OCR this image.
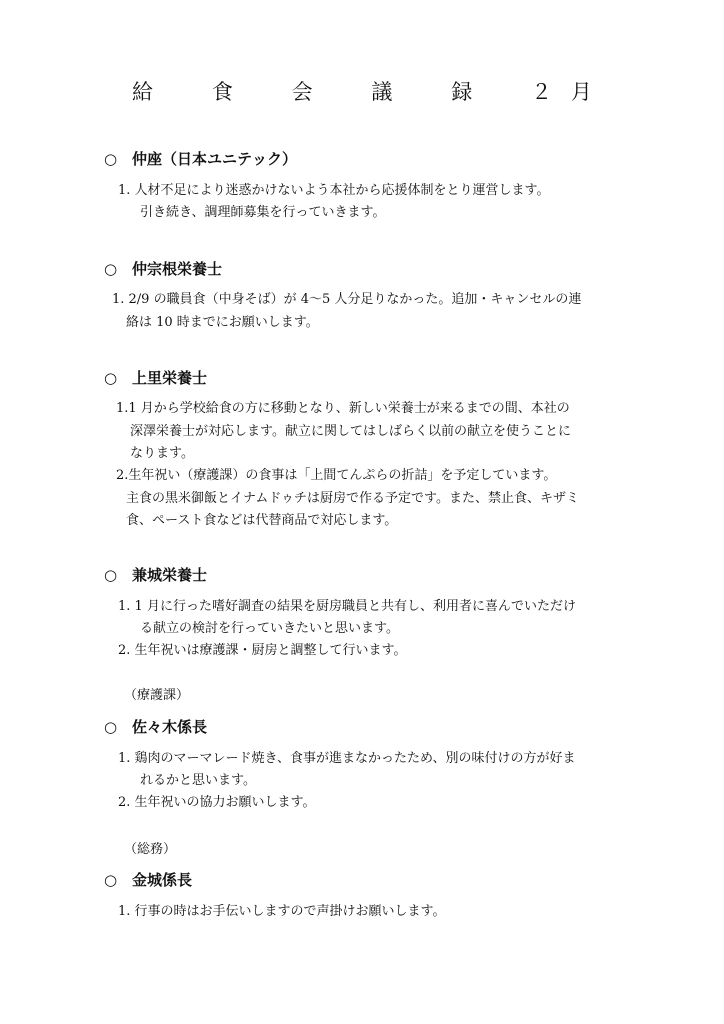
給　食　会　議　録　２月
○ 仲座（日本ユニテック）
1. 人材不足により迷惑かけないよう本社から応援体制をとり運営します。
引き続き、調理師募集を行っていきます。
○ 仲宗根栄養士
1. 2/9 の職員食（中身そば）が 4～5 人分足りなかった。追加・キャンセルの連
絡は 10 時までにお願いします。
○ 上里栄養士
1.1 月から学校給食の方に移動となり、新しい栄養士が来るまでの間、本社の
深澤栄養士が対応します。献立に関してはしばらく以前の献立を使うことに
なります。
2.生年祝い（療護課）の食事は「上間てんぷらの折詰」を予定しています。
主食の黒米御飯とイナムドゥチは厨房で作る予定です。また、禁止食、キザミ
食、ペースト食などは代替商品で対応します。
○ 兼城栄養士
1. 1 月に行った嗜好調査の結果を厨房職員と共有し、利用者に喜んでいただけ
る献立の検討を行っていきたいと思います。
2. 生年祝いは療護課・厨房と調整して行います。
（療護課）
○ 佐々木係長
1. 鶏肉のマーマレード焼き、食事が進まなかったため、別の味付けの方が好ま
れるかと思います。
2. 生年祝いの協力お願いします。
（総務）
○ 金城係長
1. 行事の時はお手伝いしますので声掛けお願いします。
